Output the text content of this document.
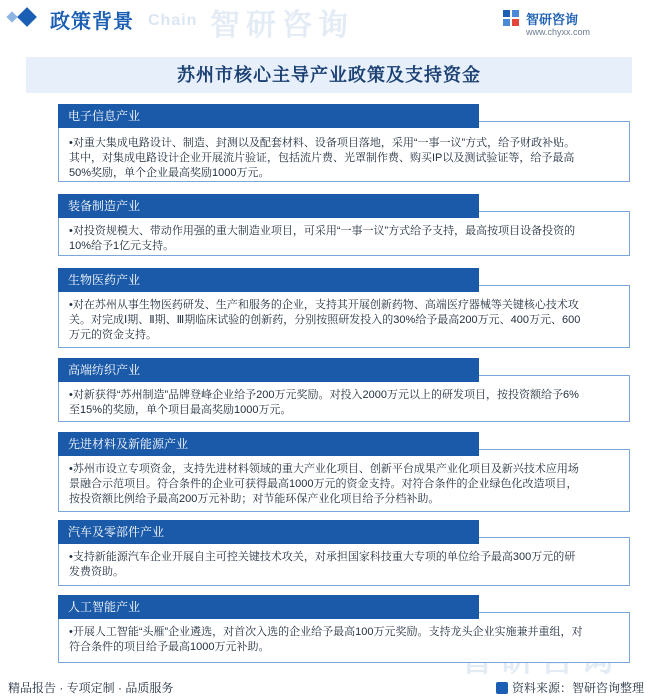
智研咨询
政策背景 Chain	智研咨询
www.chyxx.com
苏州市核心主导产业政策及支持资金
•对重大集成电路设计、制造、封测以及配套材料、设备项目落地，采用“一事一议”方式，给予财政补贴。其中，对集成电路设计企业开展流片验证，包括流片费、光罩制作费、购买IP以及测试验证等，给予最高50%奖励，单个企业最高奖励1000万元。
电子信息产业
•对投资规模大、带动作用强的重大制造业项目，可采用“一事一议”方式给予支持，最高按项目设备投资的10%给予1亿元支持。
装备制造产业
•对在苏州从事生物医药研发、生产和服务的企业，支持其开展创新药物、高端医疗器械等关键核心技术攻关。对完成Ⅰ期、Ⅱ期、Ⅲ期临床试验的创新药，分别按照研发投入的30%给予最高200万元、400万元、600万元的资金支持。
生物医药产业
•对新获得“苏州制造”品牌登峰企业给予200万元奖励。对投入2000万元以上的研发项目，按投资额给予6%至15%的奖励，单个项目最高奖励1000万元。
高端纺织产业
•苏州市设立专项资金，支持先进材料领域的重大产业化项目、创新平台成果产业化项目及新兴技术应用场景融合示范项目。符合条件的企业可获得最高1000万元的资金支持。对符合条件的企业绿色化改造项目，按投资额比例给予最高200万元补助；对节能环保产业化项目给予分档补助。
先进材料及新能源产业
•支持新能源汽车企业开展自主可控关键技术攻关，对承担国家科技重大专项的单位给予最高300万元的研发费资助。
汽车及零部件产业
•开展人工智能“头雁”企业遴选，对首次入选的企业给予最高100万元奖励。支持龙头企业实施兼并重组，对符合条件的项目给予最高1000万元补助。
人工智能产业
精品报告 · 专项定制 · 品质服务	资料来源：智研咨询整理
